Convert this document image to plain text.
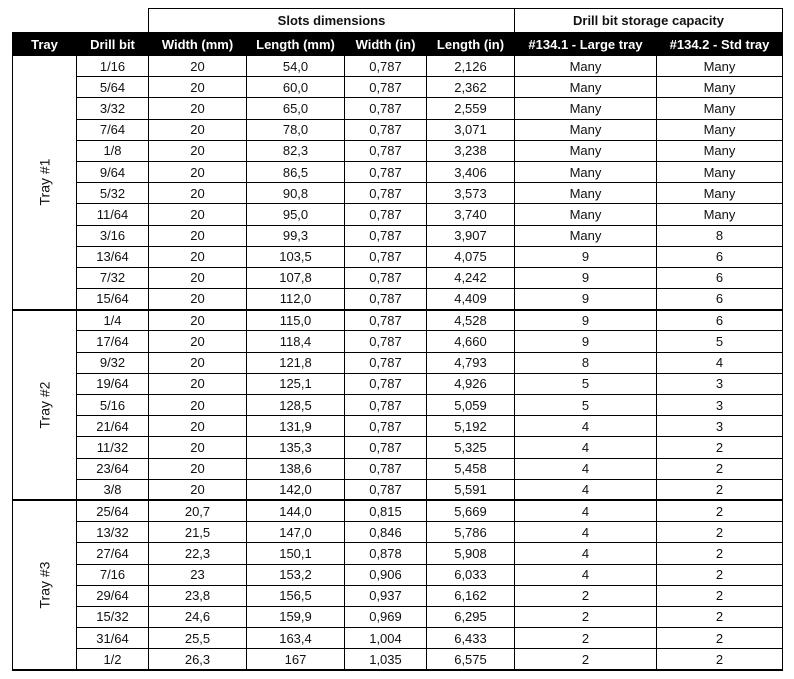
		Slots dimensions				Drill bit storage capacity	
Tray	Drill bit	Width (mm)	Length (mm)	Width (in)	Length (in)	#134.1 - Large tray	#134.2 - Std tray
Tray #1	1/16	20	54,0	0,787	2,126	Many	Many
	5/64	20	60,0	0,787	2,362	Many	Many
	3/32	20	65,0	0,787	2,559	Many	Many
	7/64	20	78,0	0,787	3,071	Many	Many
	1/8	20	82,3	0,787	3,238	Many	Many
	9/64	20	86,5	0,787	3,406	Many	Many
	5/32	20	90,8	0,787	3,573	Many	Many
	11/64	20	95,0	0,787	3,740	Many	Many
	3/16	20	99,3	0,787	3,907	Many	8
	13/64	20	103,5	0,787	4,075	9	6
	7/32	20	107,8	0,787	4,242	9	6
	15/64	20	112,0	0,787	4,409	9	6
Tray #2	1/4	20	115,0	0,787	4,528	9	6
	17/64	20	118,4	0,787	4,660	9	5
	9/32	20	121,8	0,787	4,793	8	4
	19/64	20	125,1	0,787	4,926	5	3
	5/16	20	128,5	0,787	5,059	5	3
	21/64	20	131,9	0,787	5,192	4	3
	11/32	20	135,3	0,787	5,325	4	2
	23/64	20	138,6	0,787	5,458	4	2
	3/8	20	142,0	0,787	5,591	4	2
Tray #3	25/64	20,7	144,0	0,815	5,669	4	2
	13/32	21,5	147,0	0,846	5,786	4	2
	27/64	22,3	150,1	0,878	5,908	4	2
	7/16	23	153,2	0,906	6,033	4	2
	29/64	23,8	156,5	0,937	6,162	2	2
	15/32	24,6	159,9	0,969	6,295	2	2
	31/64	25,5	163,4	1,004	6,433	2	2
	1/2	26,3	167	1,035	6,575	2	2
